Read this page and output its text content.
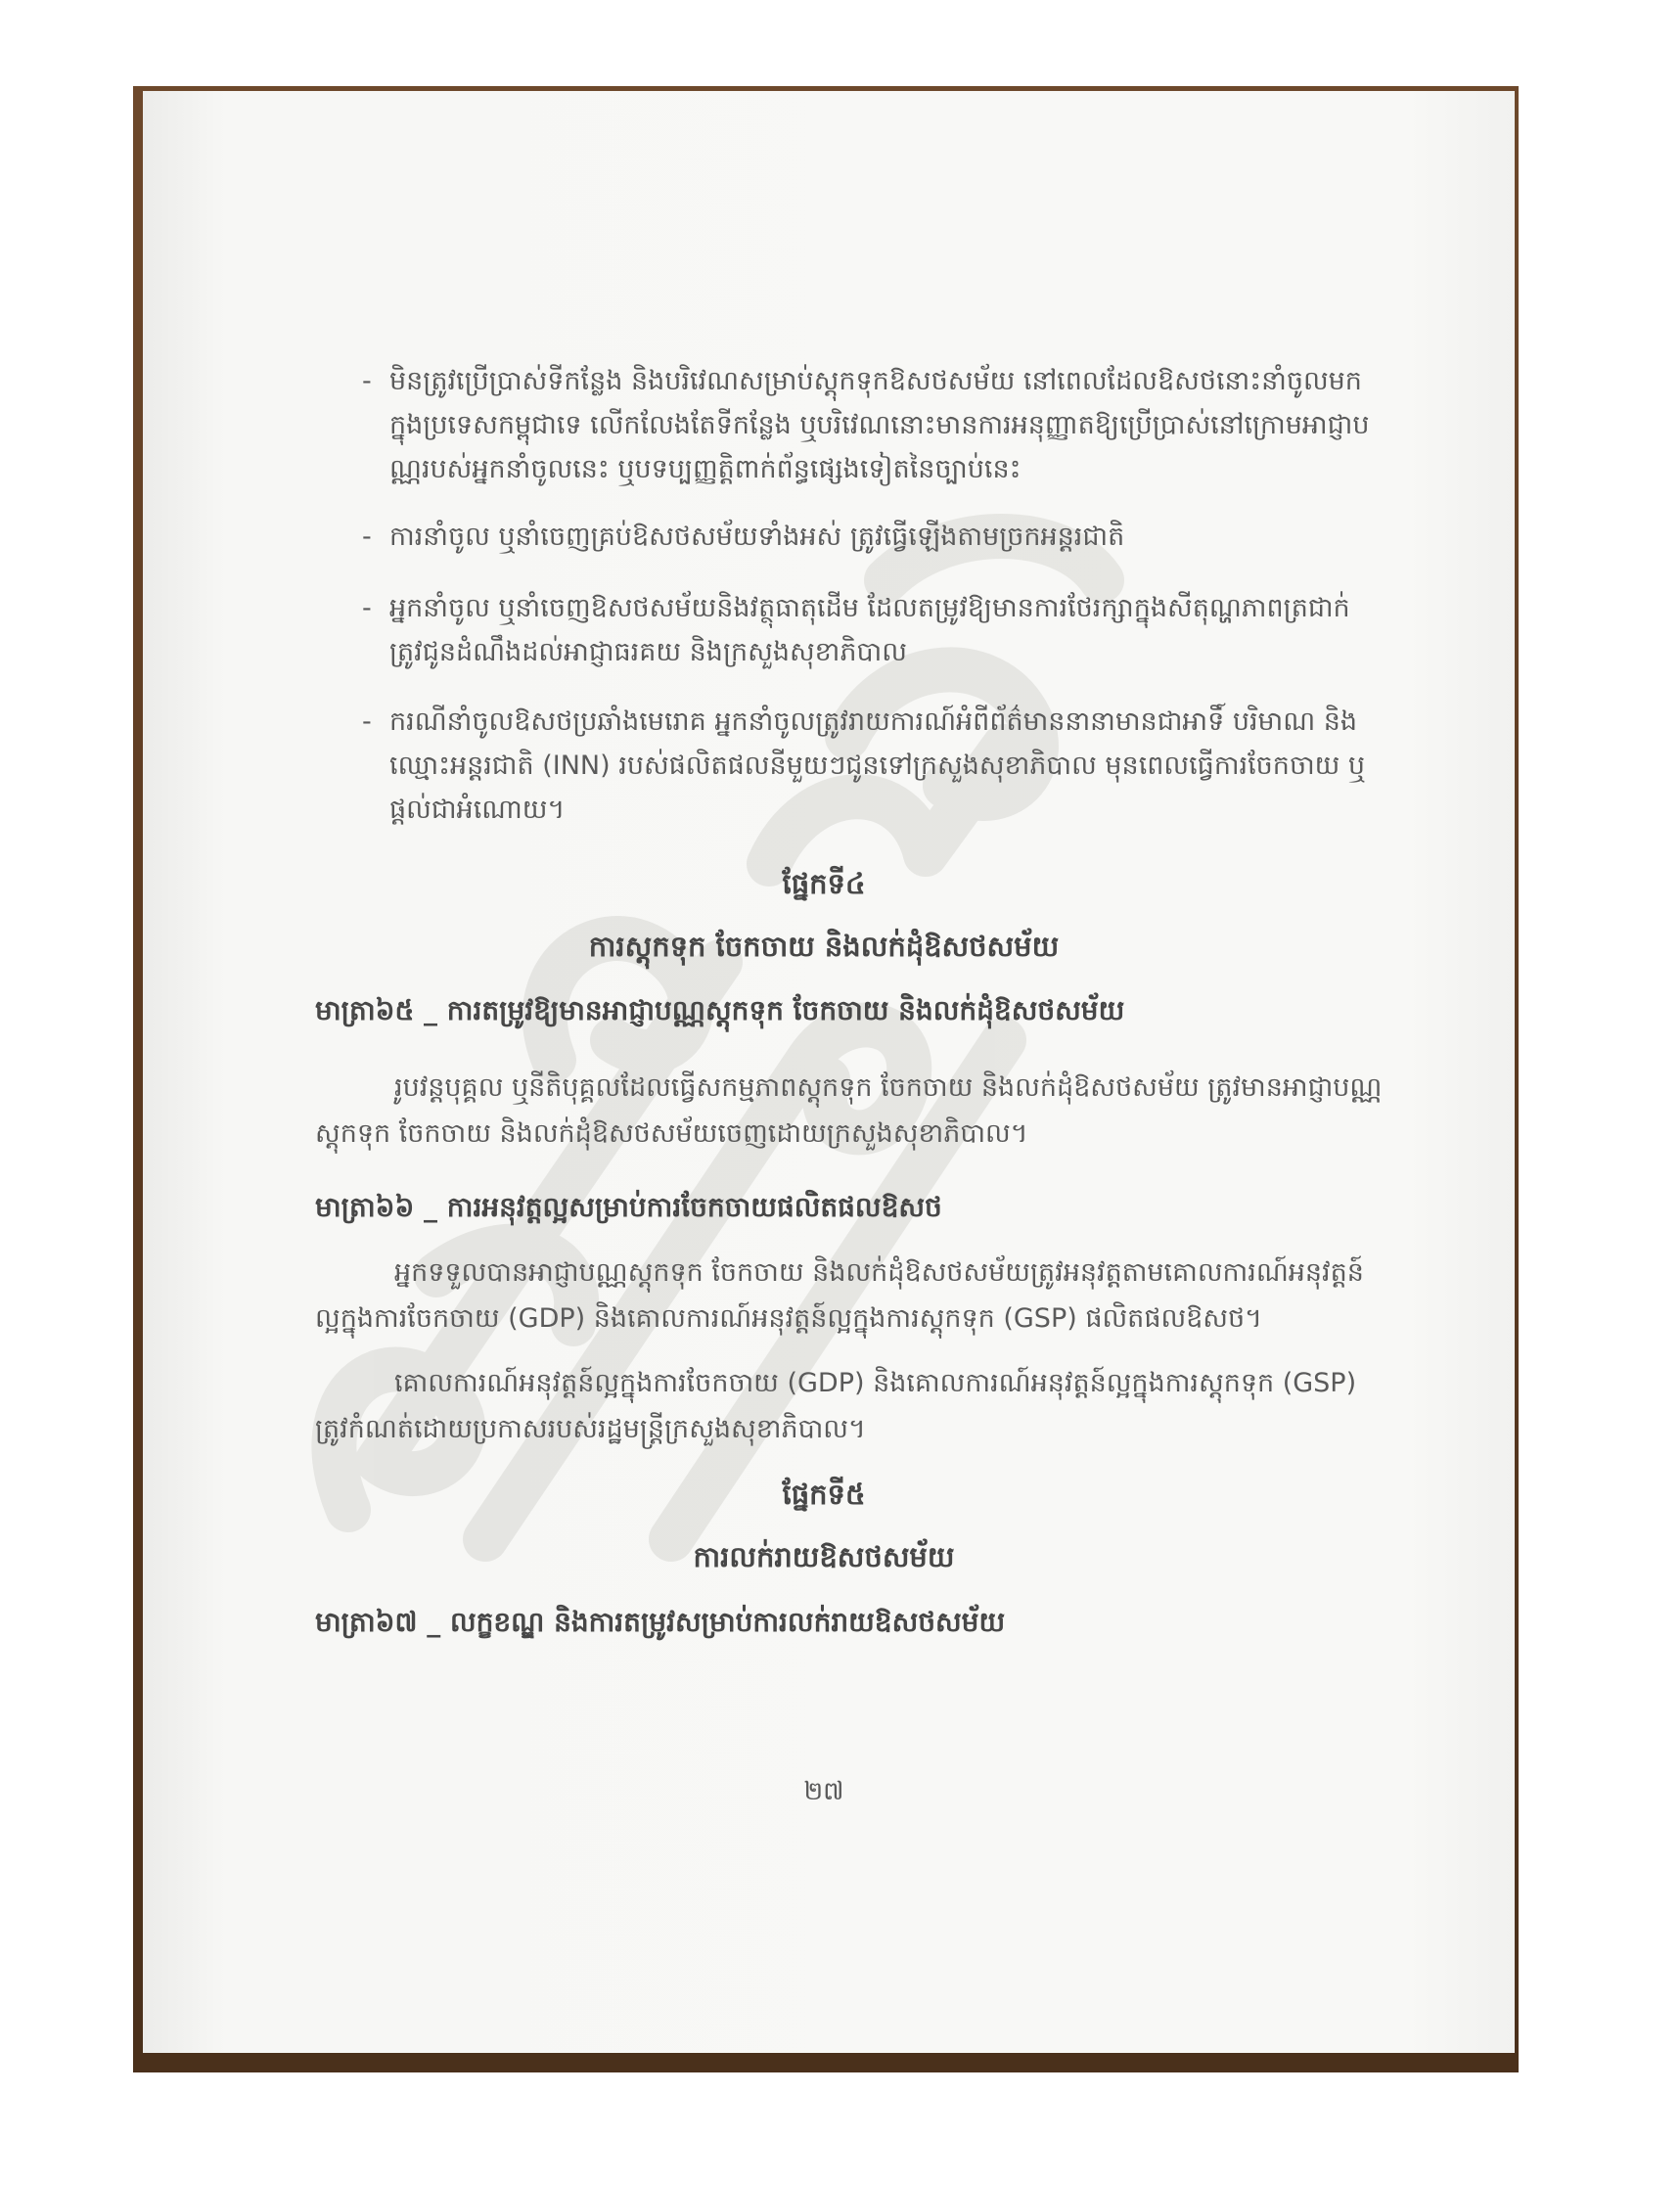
- មិនត្រូវប្រើប្រាស់ទីកន្លែង និងបរិវេណសម្រាប់ស្តុកទុកឱសថសម័យ នៅពេលដែលឱសថនោះនាំចូលមក
ក្នុងប្រទេសកម្ពុជាទេ លើកលែងតែទីកន្លែង ឬបរិវេណនោះមានការអនុញ្ញាតឱ្យប្រើប្រាស់នៅក្រោមអាជ្ញាប
ណ្ណរបស់អ្នកនាំចូលនេះ ឬបទប្បញ្ញត្តិពាក់ព័ន្ធផ្សេងទៀតនៃច្បាប់នេះ
- ការនាំចូល ឬនាំចេញគ្រប់ឱសថសម័យទាំងអស់ ត្រូវធ្វើឡើងតាមច្រកអន្តរជាតិ
- អ្នកនាំចូល ឬនាំចេញឱសថសម័យនិងវត្ថុធាតុដើម ដែលតម្រូវឱ្យមានការថែរក្សាក្នុងសីតុណ្ហភាពត្រជាក់
ត្រូវជូនដំណឹងដល់អាជ្ញាធរគយ និងក្រសួងសុខាភិបាល
- ករណីនាំចូលឱសថប្រឆាំងមេរោគ អ្នកនាំចូលត្រូវរាយការណ៍អំពីព័ត៌មាននានាមានជាអាទិ៍ បរិមាណ និង
ឈ្មោះអន្តរជាតិ (INN) របស់ផលិតផលនីមួយៗជូនទៅក្រសួងសុខាភិបាល មុនពេលធ្វើការចែកចាយ ឬ
ផ្តល់ជាអំណោយ។
ផ្នែកទី៤
ការស្តុកទុក ចែកចាយ និងលក់ដុំឱសថសម័យ
មាត្រា៦៥ _ ការតម្រូវឱ្យមានអាជ្ញាបណ្ណស្តុកទុក ចែកចាយ និងលក់ដុំឱសថសម័យ
រូបវន្តបុគ្គល ឬនីតិបុគ្គលដែលធ្វើសកម្មភាពស្តុកទុក ចែកចាយ និងលក់ដុំឱសថសម័យ ត្រូវមានអាជ្ញាបណ្ណ
ស្តុកទុក ចែកចាយ និងលក់ដុំឱសថសម័យចេញដោយក្រសួងសុខាភិបាល។
មាត្រា៦៦ _ ការអនុវត្តល្អសម្រាប់ការចែកចាយផលិតផលឱសថ
អ្នកទទួលបានអាជ្ញាបណ្ណស្តុកទុក ចែកចាយ និងលក់ដុំឱសថសម័យត្រូវអនុវត្តតាមគោលការណ៍អនុវត្តន៍
ល្អក្នុងការចែកចាយ (GDP) និងគោលការណ៍អនុវត្តន៍ល្អក្នុងការស្តុកទុក (GSP) ផលិតផលឱសថ។
គោលការណ៍អនុវត្តន៍ល្អក្នុងការចែកចាយ (GDP) និងគោលការណ៍អនុវត្តន៍ល្អក្នុងការស្តុកទុក (GSP)
ត្រូវកំណត់ដោយប្រកាសរបស់រដ្ឋមន្ត្រីក្រសួងសុខាភិបាល។
ផ្នែកទី៥
ការលក់រាយឱសថសម័យ
មាត្រា៦៧ _ លក្ខខណ្ឌ និងការតម្រូវសម្រាប់ការលក់រាយឱសថសម័យ
២៧
